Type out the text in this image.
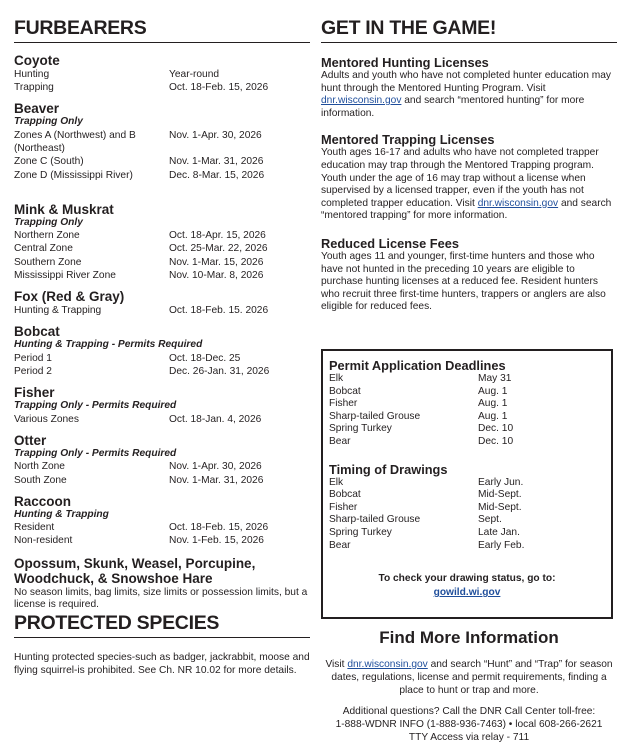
FURBEARERS
Coyote
Hunting	Year-round
Trapping	Oct. 18-Feb. 15, 2026
Beaver
Trapping Only
Zones A (Northwest) and B	Nov. 1-Apr. 30, 2026
(Northeast)
Zone C (South)	Nov. 1-Mar. 31, 2026
Zone D (Mississippi River)	Dec. 8-Mar. 15, 2026
Mink & Muskrat
Trapping Only
Northern Zone	Oct. 18-Apr. 15, 2026
Central Zone	Oct. 25-Mar. 22, 2026
Southern Zone	Nov. 1-Mar. 15, 2026
Mississippi River Zone	Nov. 10-Mar. 8, 2026
Fox (Red & Gray)
Hunting & Trapping	Oct. 18-Feb. 15. 2026
Bobcat
Hunting & Trapping - Permits Required
Period 1	Oct. 18-Dec. 25
Period 2	Dec. 26-Jan. 31, 2026
Fisher
Trapping Only - Permits Required
Various Zones	Oct. 18-Jan. 4, 2026
Otter
Trapping Only - Permits Required
North Zone	Nov. 1-Apr. 30, 2026
South Zone	Nov. 1-Mar. 31, 2026
Raccoon
Hunting & Trapping
Resident	Oct. 18-Feb. 15, 2026
Non-resident	Nov. 1-Feb. 15, 2026
Opossum, Skunk, Weasel, Porcupine, Woodchuck, & Snowshoe Hare

No season limits, bag limits, size limits or possession limits, but a license is required.

PROTECTED SPECIES

Hunting protected species-such as badger, jackrabbit, moose and flying squirrel-is prohibited. See Ch. NR 10.02 for more details.

GET IN THE GAME!
Mentored Hunting Licenses

Adults and youth who have not completed hunter education may hunt through the Mentored Hunting Program. Visit dnr.wisconsin.gov and search “mentored hunting” for more information.

Mentored Trapping Licenses

Youth ages 16-17 and adults who have not completed trapper education may trap through the Mentored Trapping program. Youth under the age of 16 may trap without a license when supervised by a licensed trapper, even if the youth has not completed trapper education. Visit dnr.wisconsin.gov and search “mentored trapping” for more information.

Reduced License Fees

Youth ages 11 and younger, first-time hunters and those who have not hunted in the preceding 10 years are eligible to purchase hunting licenses at a reduced fee. Resident hunters who recruit three first-time hunters, trappers or anglers are also eligible for reduced fees.

Permit Application Deadlines
Elk	May 31
Bobcat	Aug. 1
Fisher	Aug. 1
Sharp-tailed Grouse	Aug. 1
Spring Turkey	Dec. 10
Bear	Dec. 10
Timing of Drawings
Elk	Early Jun.
Bobcat	Mid-Sept.
Fisher	Mid-Sept.
Sharp-tailed Grouse	Sept.
Spring Turkey	Late Jan.
Bear	Early Feb.
To check your drawing status, go to:
gowild.wi.gov
Find More Information

Visit dnr.wisconsin.gov and search “Hunt” and “Trap” for season dates, regulations, license and permit requirements, finding a place to hunt or trap and more.

Additional questions? Call the DNR Call Center toll-free:
1-888-WDNR INFO (1-888-936-7463) • local 608-266-2621
TTY Access via relay - 711
